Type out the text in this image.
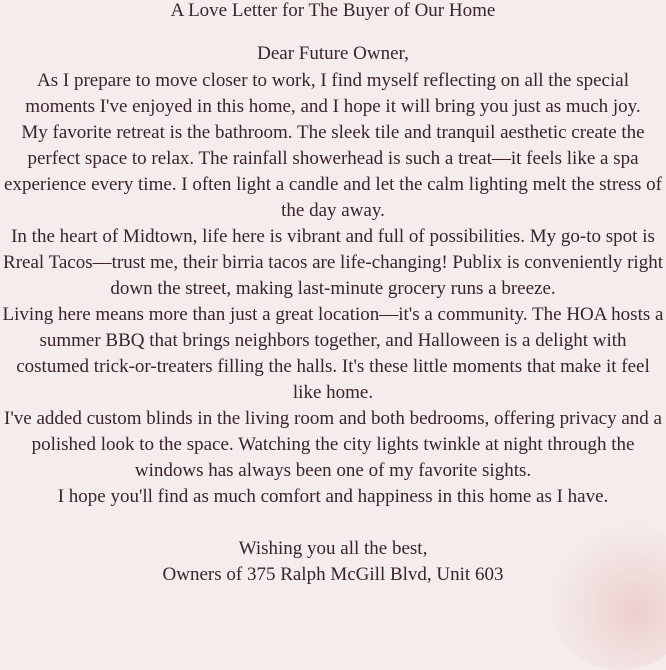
A Love Letter for The Buyer of Our Home

Dear Future Owner,

As I prepare to move closer to work, I find myself reflecting on all the special moments I've enjoyed in this home, and I hope it will bring you just as much joy.

My favorite retreat is the bathroom. The sleek tile and tranquil aesthetic create the perfect space to relax. The rainfall showerhead is such a treat—it feels like a spa experience every time. I often light a candle and let the calm lighting melt the stress of the day away.

In the heart of Midtown, life here is vibrant and full of possibilities. My go-to spot is Rreal Tacos—trust me, their birria tacos are life-changing! Publix is conveniently right down the street, making last-minute grocery runs a breeze.

Living here means more than just a great location—it's a community. The HOA hosts a summer BBQ that brings neighbors together, and Halloween is a delight with costumed trick-or-treaters filling the halls. It's these little moments that make it feel like home.

I've added custom blinds in the living room and both bedrooms, offering privacy and a polished look to the space. Watching the city lights twinkle at night through the windows has always been one of my favorite sights.

I hope you'll find as much comfort and happiness in this home as I have.

Wishing you all the best,

Owners of 375 Ralph McGill Blvd, Unit 603
